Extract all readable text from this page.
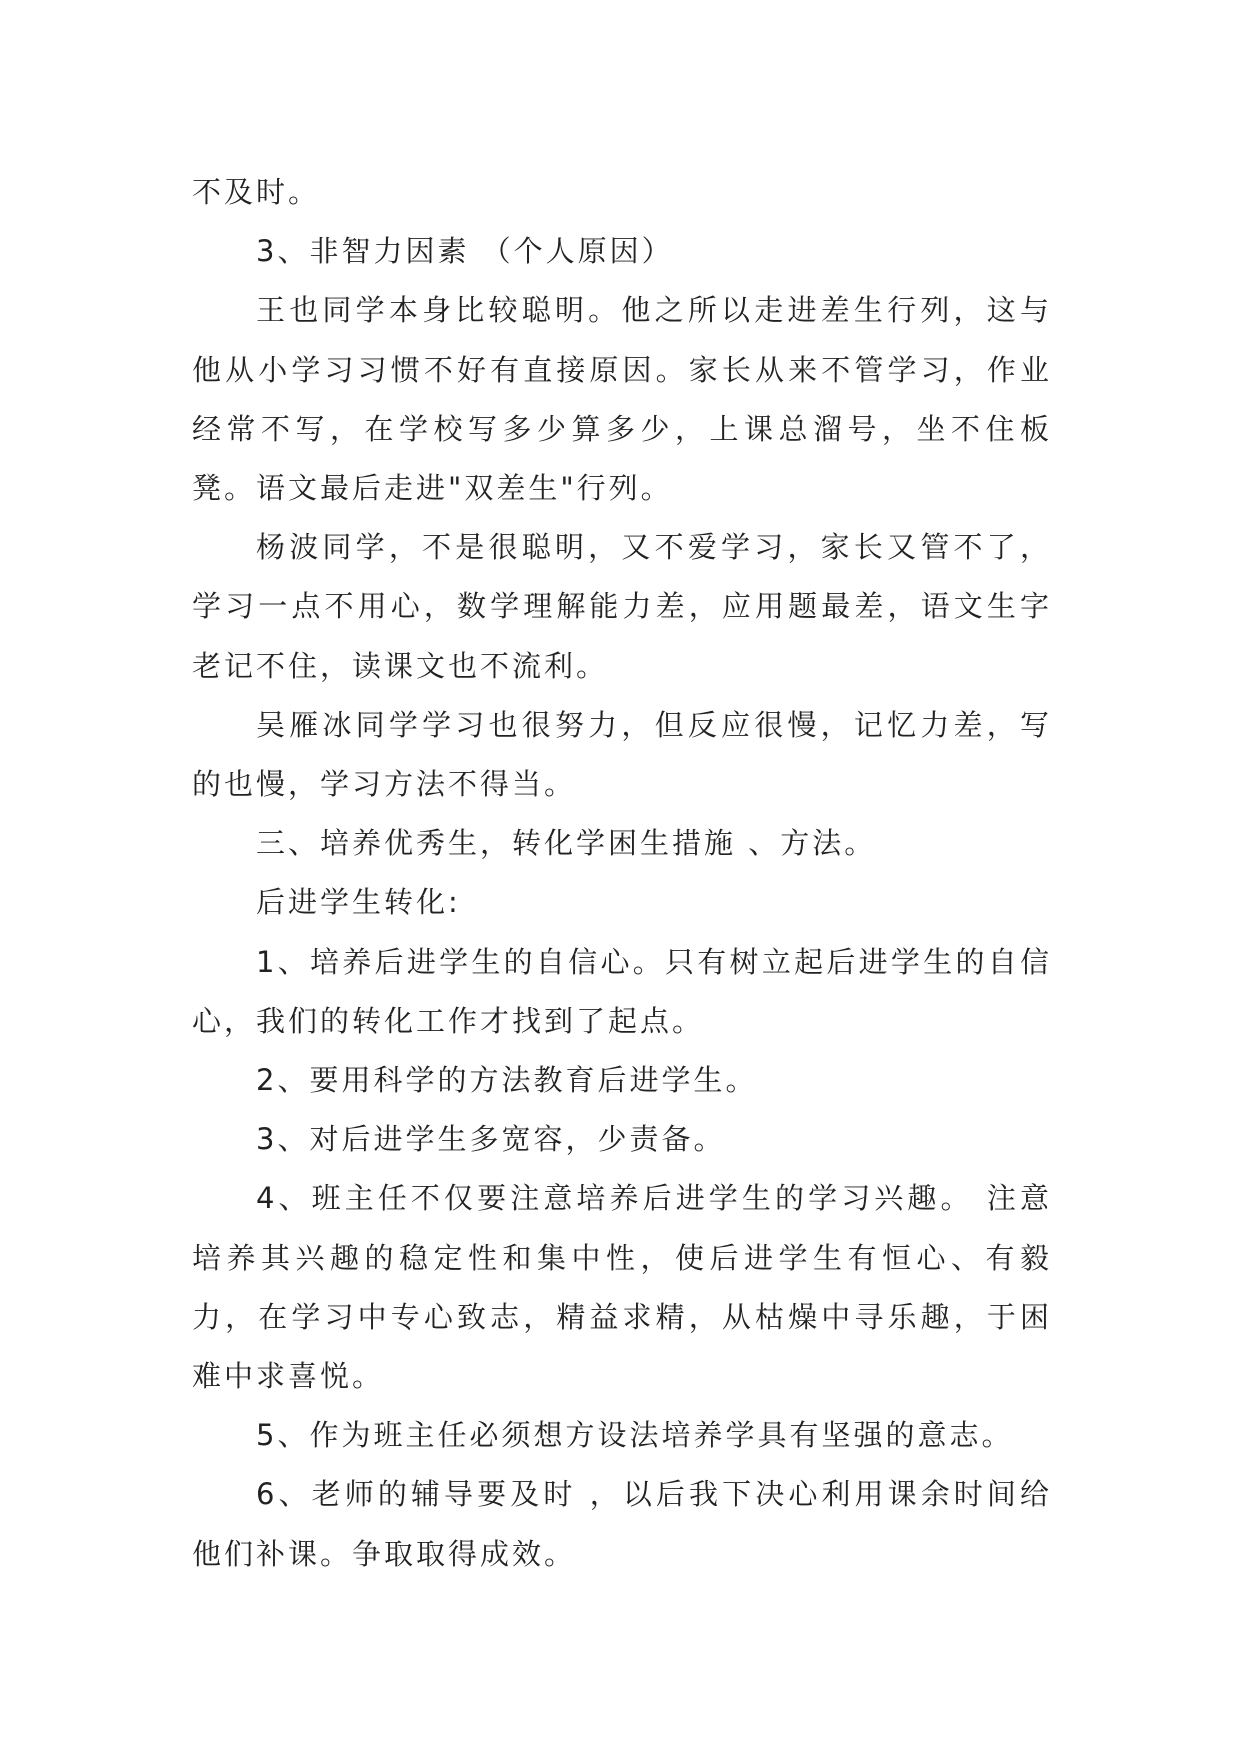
不及时。

3、非智力因素 （个人原因）

王也同学本身比较聪明。他之所以走进差生行列，这与他从小学习习惯不好有直接原因。家长从来不管学习，作业经常不写，在学校写多少算多少，上课总溜号，坐不住板凳。语文最后走进"双差生"行列。

杨波同学，不是很聪明，又不爱学习，家长又管不了，学习一点不用心，数学理解能力差，应用题最差，语文生字老记不住，读课文也不流利。

吴雁冰同学学习也很努力，但反应很慢，记忆力差，写的也慢，学习方法不得当。

三、培养优秀生，转化学困生措施 、方法。

后进学生转化:

1、培养后进学生的自信心。只有树立起后进学生的自信心，我们的转化工作才找到了起点。

2、要用科学的方法教育后进学生。

3、对后进学生多宽容，少责备。

4、班主任不仅要注意培养后进学生的学习兴趣。 注意培养其兴趣的稳定性和集中性，使后进学生有恒心、有毅力，在学习中专心致志，精益求精，从枯燥中寻乐趣，于困难中求喜悦。

5、作为班主任必须想方设法培养学具有坚强的意志。

6、老师的辅导要及时 ，以后我下决心利用课余时间给他们补课。争取取得成效。
